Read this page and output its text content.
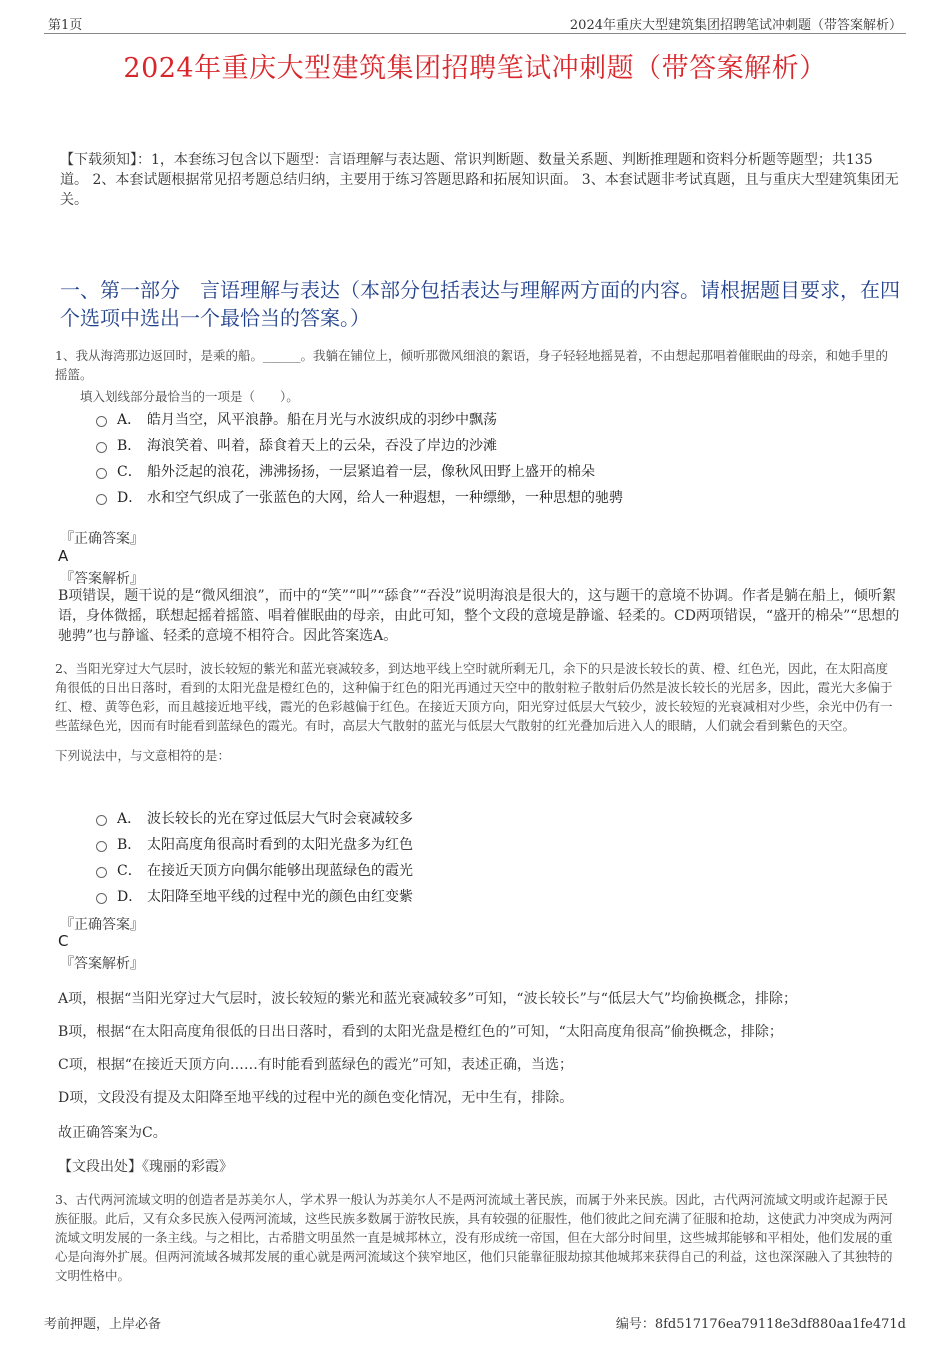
第1页	2024年重庆大型建筑集团招聘笔试冲刺题（带答案解析）
2024年重庆大型建筑集团招聘笔试冲刺题（带答案解析）
【下载须知】：1，本套练习包含以下题型：言语理解与表达题、常识判断题、数量关系题、判断推理题和资料分析题等题型；共135道。 2、本套试题根据常见招考题总结归纳，主要用于练习答题思路和拓展知识面。 3、本套试题非考试真题，且与重庆大型建筑集团无关。
一、第一部分　言语理解与表达（本部分包括表达与理解两方面的内容。请根据题目要求，在四个选项中选出一个最恰当的答案。）
1、我从海湾那边返回时，是乘的船。______。我躺在铺位上，倾听那微风细浪的絮语，身子轻轻地摇晃着，不由想起那唱着催眠曲的母亲，和她手里的摇篮。
填入划线部分最恰当的一项是（　　）。
A． 皓月当空，风平浪静。船在月光与水波织成的羽纱中飘荡
B． 海浪笑着、叫着，舔食着天上的云朵，吞没了岸边的沙滩
C． 船外泛起的浪花，沸沸扬扬，一层紧追着一层，像秋风田野上盛开的棉朵
D． 水和空气织成了一张蓝色的大网，给人一种遐想，一种缥缈，一种思想的驰骋
『正确答案』
A
『答案解析』
B项错误，题干说的是“微风细浪”，而中的“笑”“叫”“舔食”“吞没”说明海浪是很大的，这与题干的意境不协调。作者是躺在船上，倾听絮语，身体微摇，联想起摇着摇篮、唱着催眠曲的母亲，由此可知，整个文段的意境是静谧、轻柔的。CD两项错误，“盛开的棉朵”“思想的驰骋”也与静谧、轻柔的意境不相符合。因此答案选A。
2、当阳光穿过大气层时，波长较短的紫光和蓝光衰减较多，到达地平线上空时就所剩无几，余下的只是波长较长的黄、橙、红色光，因此，在太阳高度角很低的日出日落时，看到的太阳光盘是橙红色的，这种偏于红色的阳光再通过天空中的散射粒子散射后仍然是波长较长的光居多，因此，霞光大多偏于红、橙、黄等色彩，而且越接近地平线，霞光的色彩越偏于红色。在接近天顶方向，阳光穿过低层大气较少，波长较短的光衰减相对少些，余光中仍有一些蓝绿色光，因而有时能看到蓝绿色的霞光。有时，高层大气散射的蓝光与低层大气散射的红光叠加后进入人的眼睛，人们就会看到紫色的天空。
下列说法中，与文意相符的是：
A． 波长较长的光在穿过低层大气时会衰减较多
B． 太阳高度角很高时看到的太阳光盘多为红色
C． 在接近天顶方向偶尔能够出现蓝绿色的霞光
D． 太阳降至地平线的过程中光的颜色由红变紫
『正确答案』
C
『答案解析』
A项，根据“当阳光穿过大气层时，波长较短的紫光和蓝光衰减较多”可知，“波长较长”与“低层大气”均偷换概念，排除；
B项，根据“在太阳高度角很低的日出日落时，看到的太阳光盘是橙红色的”可知，“太阳高度角很高”偷换概念，排除；
C项，根据“在接近天顶方向……有时能看到蓝绿色的霞光”可知，表述正确，当选；
D项，文段没有提及太阳降至地平线的过程中光的颜色变化情况，无中生有，排除。
故正确答案为C。
【文段出处】《瑰丽的彩霞》
3、古代两河流域文明的创造者是苏美尔人，学术界一般认为苏美尔人不是两河流域土著民族，而属于外来民族。因此，古代两河流域文明或许起源于民族征服。此后，又有众多民族入侵两河流域，这些民族多数属于游牧民族，具有较强的征服性，他们彼此之间充满了征服和抢劫，这使武力冲突成为两河流域文明发展的一条主线。与之相比，古希腊文明虽然一直是城邦林立，没有形成统一帝国，但在大部分时间里，这些城邦能够和平相处，他们发展的重心是向海外扩展。但两河流域各城邦发展的重心就是两河流域这个狭窄地区，他们只能靠征服劫掠其他城邦来获得自己的利益，这也深深融入了其独特的文明性格中。
考前押题，上岸必备	编号：8fd517176ea79118e3df880aa1fe471d
